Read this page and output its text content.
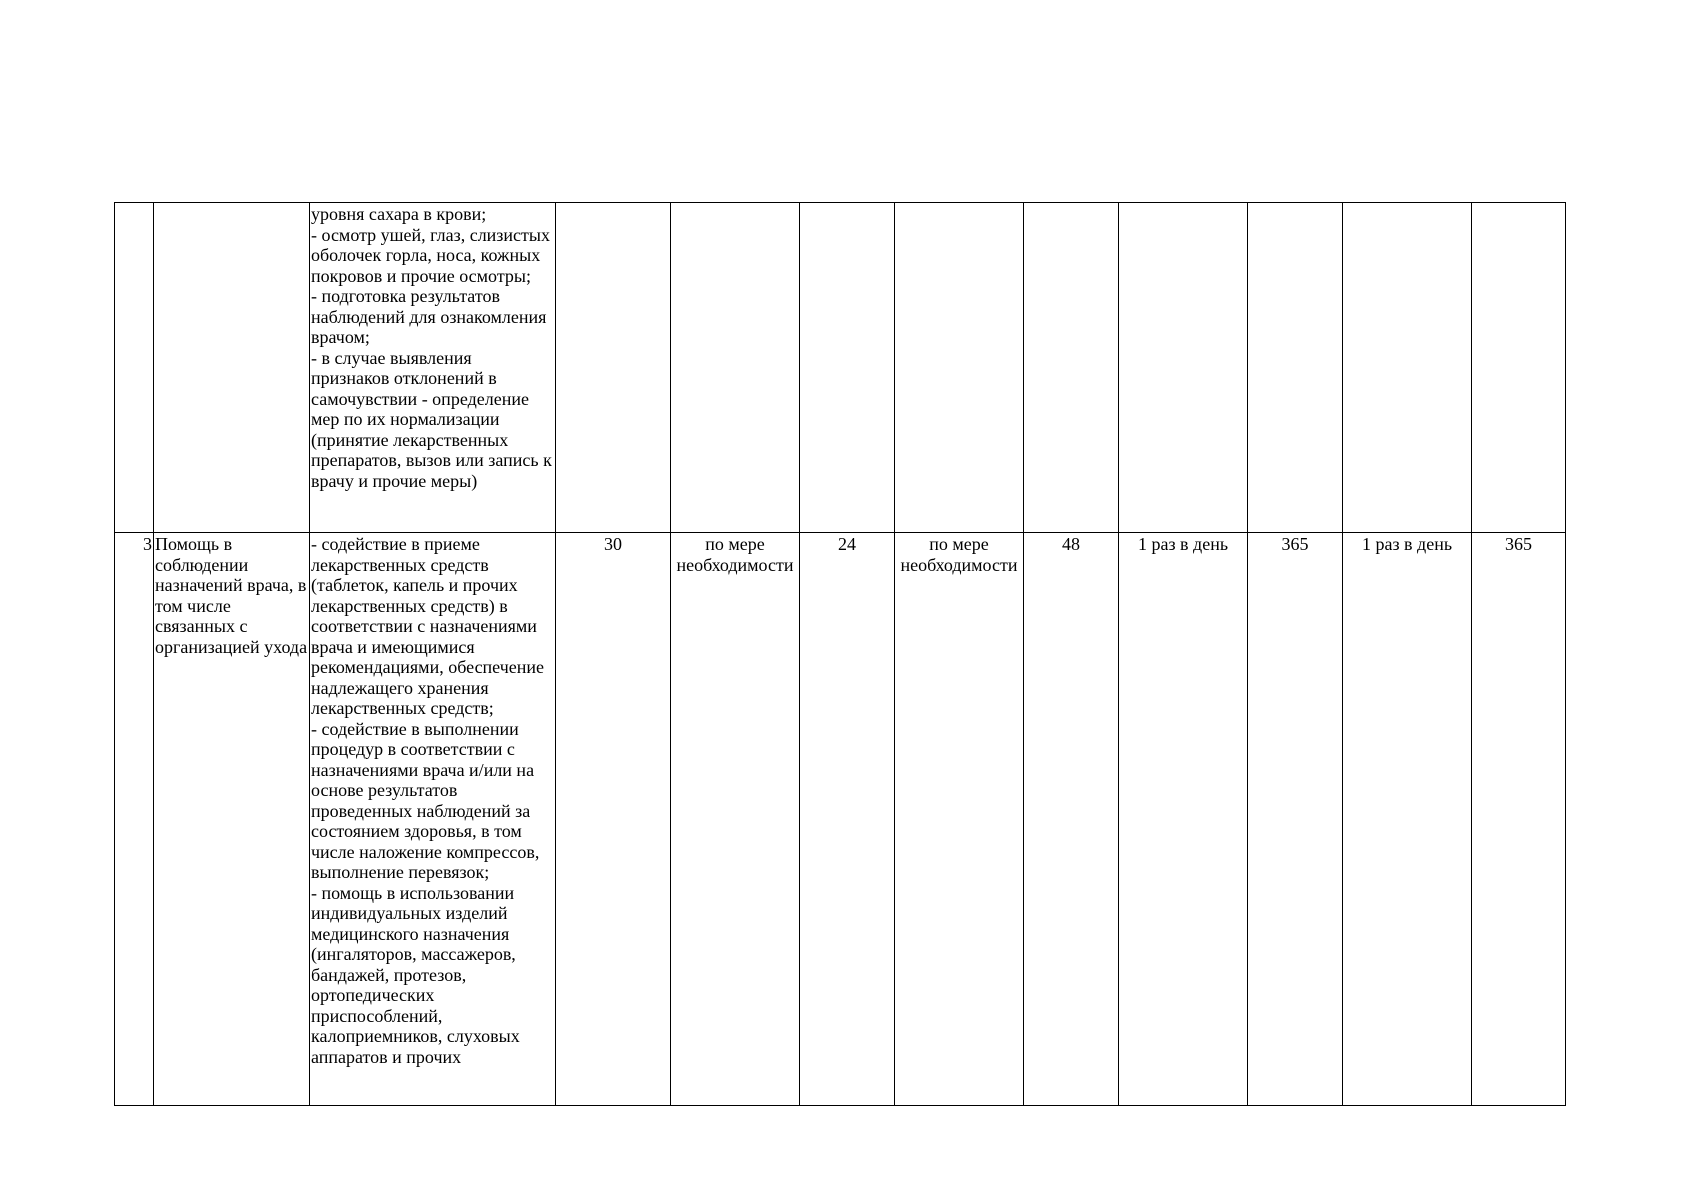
		уровня сахара в крови;
- осмотр ушей, глаз, слизистых оболочек горла, носа, кожных покровов и прочие осмотры;
- подготовка результатов наблюдений для ознакомления врачом;
- в случае выявления признаков отклонений в самочувствии - определение мер по их нормализации (принятие лекарственных препаратов, вызов или запись к врачу и прочие меры)									
3	Помощь в соблюдении назначений врача, в том числе связанных с организацией ухода	- содействие в приеме лекарственных средств (таблеток, капель и прочих лекарственных средств) в соответствии с назначениями врача и имеющимися рекомендациями, обеспечение надлежащего хранения лекарственных средств;
- содействие в выполнении процедур в соответствии с назначениями врача и/или на основе результатов проведенных наблюдений за состоянием здоровья, в том числе наложение компрессов, выполнение перевязок;
- помощь в использовании индивидуальных изделий медицинского назначения (ингаляторов, массажеров, бандажей, протезов, ортопедических приспособлений, калоприемников, слуховых аппаратов и прочих	30	по мере необходимости	24	по мере необходимости	48	1 раз в день	365	1 раз в день	365
